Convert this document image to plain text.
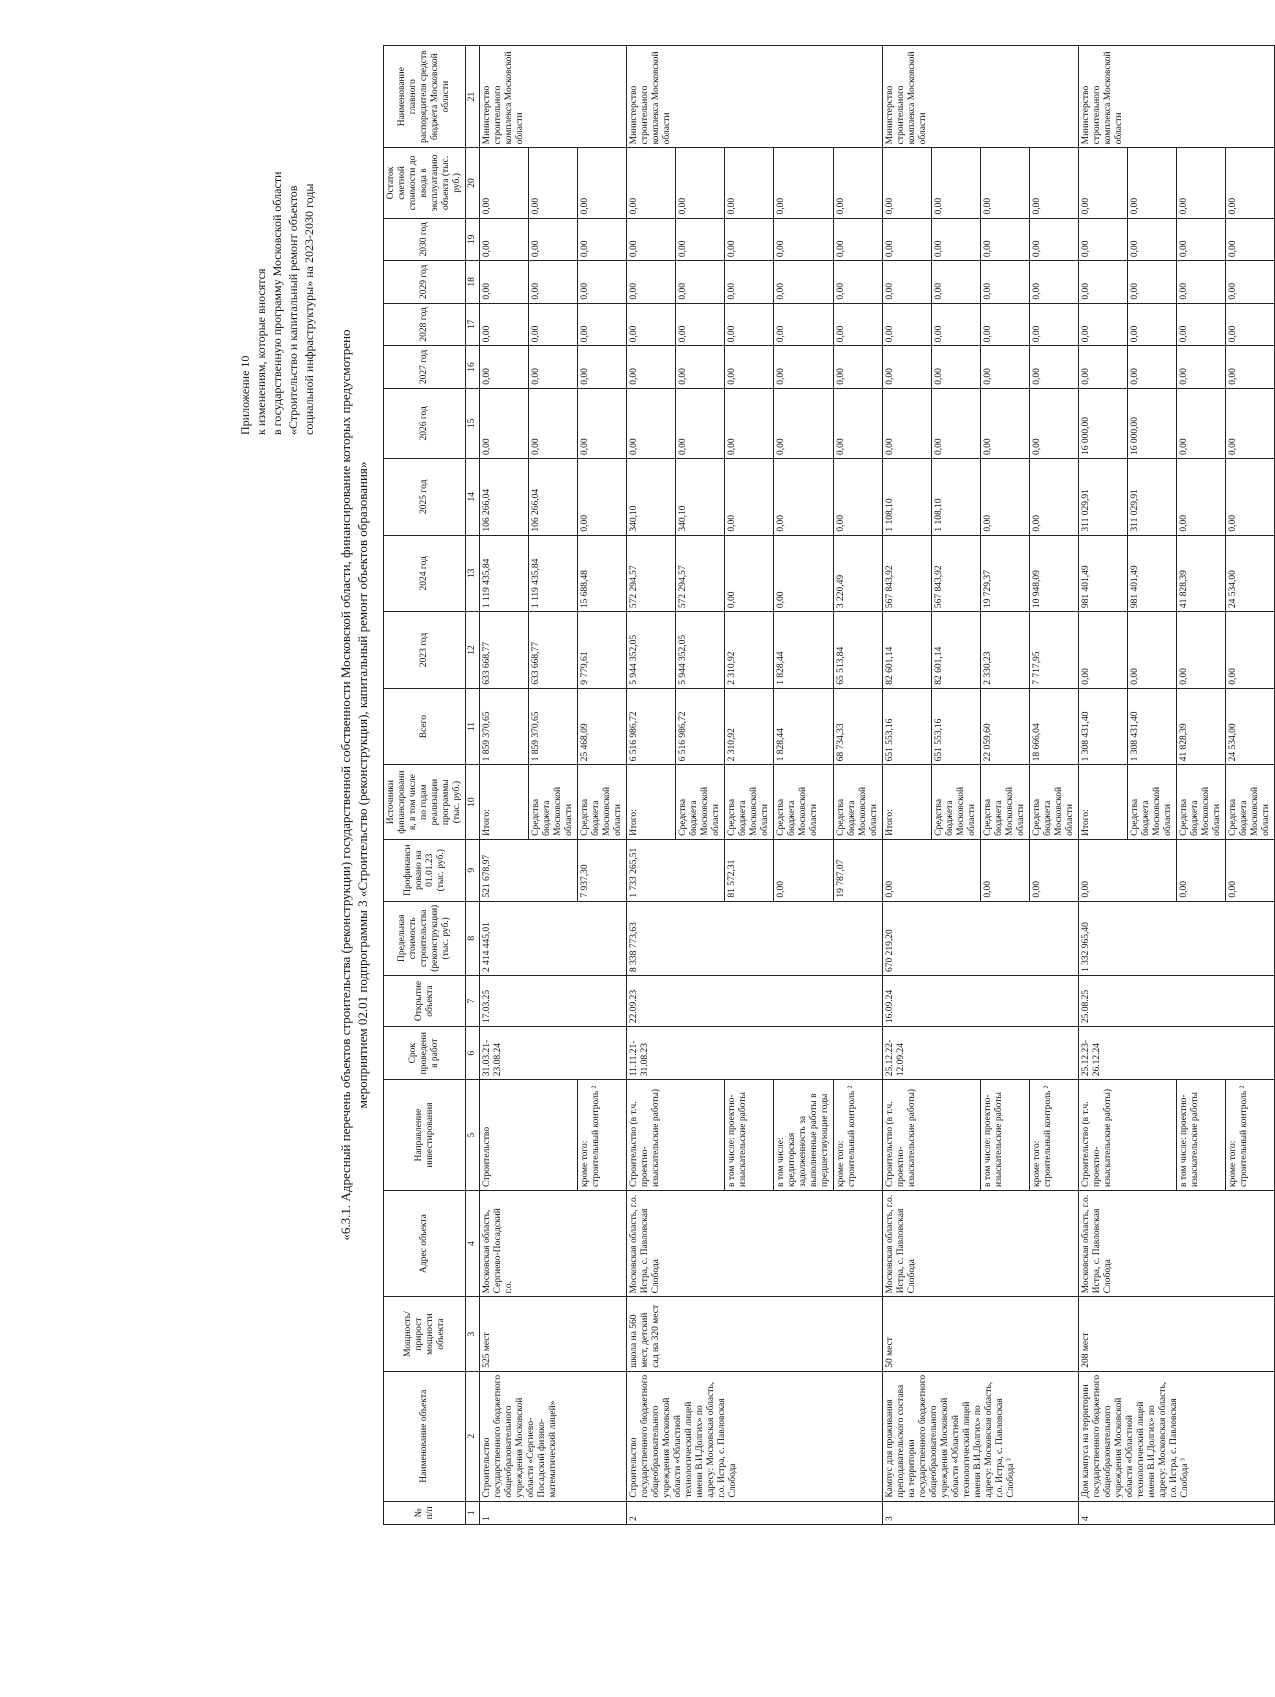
Приложение 10 к изменениям, которые вносятся в государственную программу Московской области «Строительство и капитальный ремонт объектов социальной инфраструктуры» на 2023-2030 годы
«6.3.1. Адресный перечень объектов строительства (реконструкции) государственной собственности Московской области, финансирование которых предусмотрено мероприятием 02.01 подпрограммы 3 «Строительство (реконструкция), капитальный ремонт объектов образования»
№ п/п	Наименование объекта	Мощность/прирост мощности объекта	Адрес объекта	Направление инвестирования	Срок проведения работ	Открытие объекта	Предельная стоимость строительства (реконструкции) (тыс. руб.)	Профинансировано на 01.01.23 (тыс. руб.)	Источники финансирования, в том числе по годам реализации программы (тыс. руб.)	Всего	2023 год	2024 год	2025 год	2026 год	2027 год	2028 год	2029 год	2030 год	Остаток сметной стоимости до ввода в эксплуатацию объекта (тыс. руб.)	Наименование главного распорядителя средств бюджета Московской области
1	2	3	4	5	6	7	8	9	10	11	12	13	14	15	16	17	18	19	20	21
1	Строительство государственного бюджетного общеобразовательного учреждения Московской области «Сергиево-Посадский физико-математический лицей»	525 мест	Московская область, Сергиево-Посадский г.о.	Строительство	31.03.21-23.08.24	17.03.25	2 414 445,01	521 678,97	Итого:	1 859 370,65	633 668,77	1 119 435,84	106 266,04	0,00	0,00	0,00	0,00	0,00	0,00	Министерство строительного комплекса Московской области
									Средства бюджета Московской области	1 859 370,65	633 668,77	1 119 435,84	106 266,04	0,00	0,00	0,00	0,00	0,00	0,00	
				кроме того: строительный контроль ²				7 937,30	Средства бюджета Московской области	25 468,09	9 779,61	15 688,48	0,00	0,00	0,00	0,00	0,00	0,00	0,00	
2	Строительство государственного бюджетного общеобразовательного учреждения Московской области «Областной технологический лицей имени В.И.Долгих» по адресу: Московская область, г.о. Истра, с. Павловская Слобода	школа на 560 мест, детский сад на 320 мест	Московская область, г.о. Истра, с. Павловская Слобода	Строительство (в т.ч. проектно-изыскательские работы)	11.11.21-31.08.23	22.09.23	8 338 773,63	1 733 265,51	Итого:	6 516 986,72	5 944 352,05	572 294,57	340,10	0,00	0,00	0,00	0,00	0,00	0,00	Министерство строительного комплекса Московской области
									Средства бюджета Московской области	6 516 986,72	5 944 352,05	572 294,57	340,10	0,00	0,00	0,00	0,00	0,00	0,00	
				в том числе: проектно-изыскательские работы				81 572,31	Средства бюджета Московской области	2 310,92	2 310,92	0,00	0,00	0,00	0,00	0,00	0,00	0,00	0,00	
				в том числе: кредиторская задолженность за выполненные работы в предшествующие годы				0,00	Средства бюджета Московской области	1 828,44	1 828,44	0,00	0,00	0,00	0,00	0,00	0,00	0,00	0,00	
				кроме того: строительный контроль ²				19 787,07	Средства бюджета Московской области	68 734,33	65 513,84	3 220,49	0,00	0,00	0,00	0,00	0,00	0,00	0,00	
3	Кампус для проживания преподавательского состава на территории государственного бюджетного общеобразовательного учреждения Московской области «Областной технологический лицей имени В.И.Долгих» по адресу: Московская область, г.о. Истра, с. Павловская Слобода ³	50 мест	Московская область, г.о. Истра, с. Павловская Слобода	Строительство (в т.ч. проектно-изыскательские работы)	25.12.22-12.09.24	16.09.24	670 219,20	0,00	Итого:	651 553,16	82 601,14	567 843,92	1 108,10	0,00	0,00	0,00	0,00	0,00	0,00	Министерство строительного комплекса Московской области
									Средства бюджета Московской области	651 553,16	82 601,14	567 843,92	1 108,10	0,00	0,00	0,00	0,00	0,00	0,00	
				в том числе: проектно-изыскательские работы				0,00	Средства бюджета Московской области	22 059,60	2 330,23	19 729,37	0,00	0,00	0,00	0,00	0,00	0,00	0,00	
				кроме того: строительный контроль ²				0,00	Средства бюджета Московской области	18 666,04	7 717,95	10 948,09	0,00	0,00	0,00	0,00	0,00	0,00	0,00	
4	Дом кампуса на территории государственного бюджетного общеобразовательного учреждения Московской области «Областной технологический лицей имени В.И.Долгих» по адресу: Московская область, г.о. Истра, с. Павловская Слобода ³	208 мест	Московская область, г.о. Истра, с. Павловская Слобода	Строительство (в т.ч. проектно-изыскательские работы)	25.12.23-26.12.24	25.08.25	1 332 965,40	0,00	Итого:	1 308 431,40	0,00	981 401,49	311 029,91	16 000,00	0,00	0,00	0,00	0,00	0,00	Министерство строительного комплекса Московской области
									Средства бюджета Московской области	1 308 431,40	0,00	981 401,49	311 029,91	16 000,00	0,00	0,00	0,00	0,00	0,00	
				в том числе: проектно-изыскательские работы				0,00	Средства бюджета Московской области	41 828,39	0,00	41 828,39	0,00	0,00	0,00	0,00	0,00	0,00	0,00	
				кроме того: строительный контроль ²				0,00	Средства бюджета Московской области	24 534,00	0,00	24 534,00	0,00	0,00	0,00	0,00	0,00	0,00	0,00	
